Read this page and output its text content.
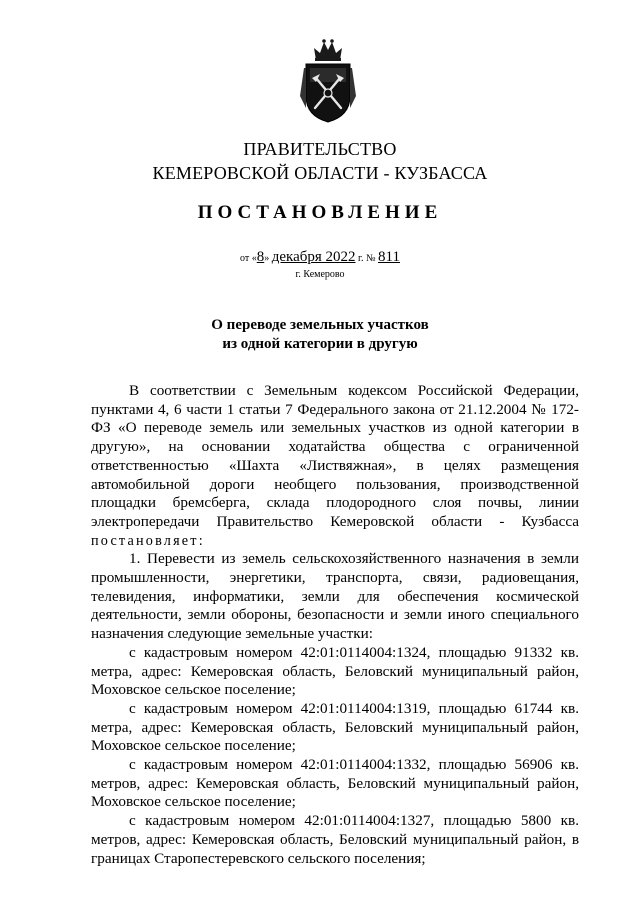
ПРАВИТЕЛЬСТВО
КЕМЕРОВСКОЙ ОБЛАСТИ - КУЗБАССА
ПОСТАНОВЛЕНИЕ
от «8» декабря 2022 г. № 811
г. Кемерово
О переводе земельных участков
из одной категории в другую

В соответствии с Земельным кодексом Российской Федерации, пунктами 4, 6 части 1 статьи 7 Федерального закона от 21.12.2004 № 172-ФЗ «О переводе земель или земельных участков из одной категории в другую», на основании ходатайства общества с ограниченной ответственностью «Шахта «Листвяжная», в целях размещения автомобильной дороги необщего пользования, производственной площадки бремсберга, склада плодородного слоя почвы, линии электропередачи Правительство Кемеровской области - Кузбасса постановляет:

1. Перевести из земель сельскохозяйственного назначения в земли промышленности, энергетики, транспорта, связи, радиовещания, телевидения, информатики, земли для обеспечения космической деятельности, земли обороны, безопасности и земли иного специального назначения следующие земельные участки:

с кадастровым номером 42:01:0114004:1324, площадью 91332 кв. метра, адрес: Кемеровская область, Беловский муниципальный район, Моховское сельское поселение;

с кадастровым номером 42:01:0114004:1319, площадью 61744 кв. метра, адрес: Кемеровская область, Беловский муниципальный район, Моховское сельское поселение;

с кадастровым номером 42:01:0114004:1332, площадью 56906 кв. метров, адрес: Кемеровская область, Беловский муниципальный район, Моховское сельское поселение;

с кадастровым номером 42:01:0114004:1327, площадью 5800 кв. метров, адрес: Кемеровская область, Беловский муниципальный район, в границах Старопестеревского сельского поселения;
